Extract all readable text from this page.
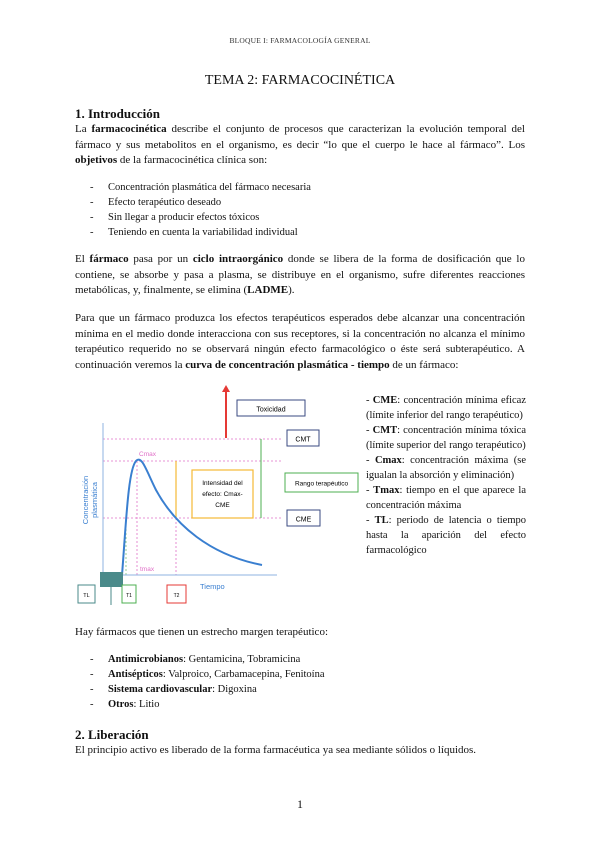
BLOQUE I: FARMACOLOGÍA GENERAL
TEMA 2: FARMACOCINÉTICA
1. Introducción

La farmacocinética describe el conjunto de procesos que caracterizan la evolución temporal del fármaco y sus metabolitos en el organismo, es decir “lo que el cuerpo le hace al fármaco”. Los objetivos de la farmacocinética clínica son:

- Concentración plasmática del fármaco necesaria
- Efecto terapéutico deseado
- Sin llegar a producir efectos tóxicos
- Teniendo en cuenta la variabilidad individual

El fármaco pasa por un ciclo intraorgánico donde se libera de la forma de dosificación que lo contiene, se absorbe y pasa a plasma, se distribuye en el organismo, sufre diferentes reacciones metabólicas, y, finalmente, se elimina (LADME).

Para que un fármaco produzca los efectos terapéuticos esperados debe alcanzar una concentración mínima en el medio donde interacciona con sus receptores, si la concentración no alcanza el mínimo terapéutico requerido no se observará ningún efecto farmacológico o éste será subterapéutico. A continuación veremos la curva de concentración plasmática - tiempo de un fármaco:

Toxicidad
CMT
Rango terapéutico
CME
Intensidad del
efecto: Cmax-
CME
Cmax
tmax
Concentración plasmática
Tiempo
TL	T1	T2
- CME: concentración mínima eficaz (límite inferior del rango terapéutico)
- CMT: concentración mínima tóxica (límite superior del rango terapéutico)
- Cmax: concentración máxima (se igualan la absorción y eliminación)
- Tmax: tiempo en el que aparece la concentración máxima
- TL: periodo de latencia o tiempo hasta la aparición del efecto farmacológico

Hay fármacos que tienen un estrecho margen terapéutico:

- Antimicrobianos: Gentamicina, Tobramicina
- Antisépticos: Valproico, Carbamacepina, Fenitoína
- Sistema cardiovascular: Digoxina
- Otros: Litio
2. Liberación

El principio activo es liberado de la forma farmacéutica ya sea mediante sólidos o líquidos.

1
